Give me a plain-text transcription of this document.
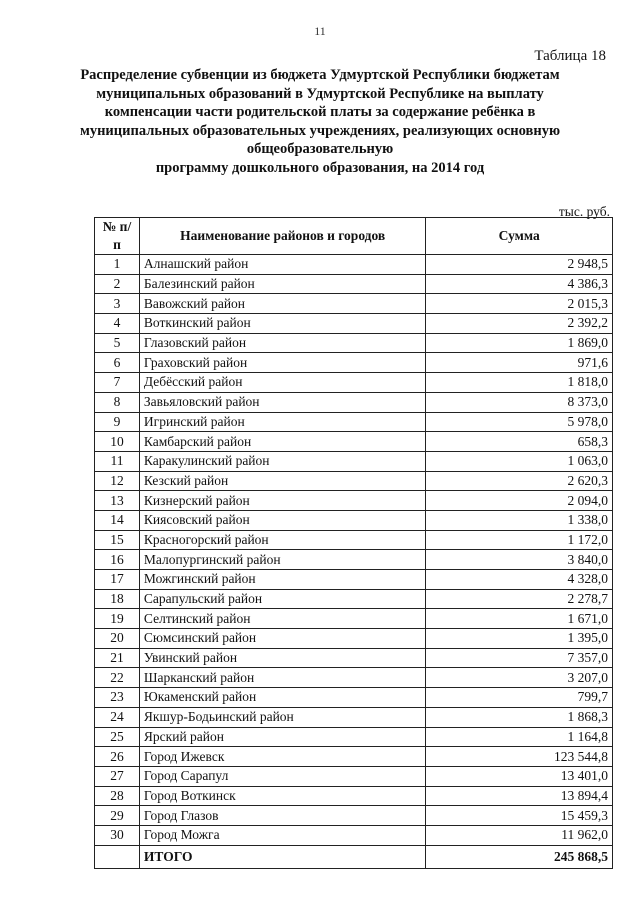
11
Таблица 18
Распределение субвенции из бюджета Удмуртской Республики бюджетам
муниципальных образований в Удмуртской Республике на выплату
компенсации части родительской платы за содержание ребёнка в
муниципальных образовательных учреждениях, реализующих основную
общеобразовательную
программу дошкольного образования, на 2014 год
тыс. руб.
№ п/п	Наименование районов и городов	Сумма
1	Алнашский район	2 948,5
2	Балезинский район	4 386,3
3	Вавожский район	2 015,3
4	Воткинский район	2 392,2
5	Глазовский район	1 869,0
6	Граховский район	971,6
7	Дебёсский район	1 818,0
8	Завьяловский район	8 373,0
9	Игринский район	5 978,0
10	Камбарский район	658,3
11	Каракулинский район	1 063,0
12	Кезский район	2 620,3
13	Кизнерский район	2 094,0
14	Киясовский район	1 338,0
15	Красногорский район	1 172,0
16	Малопургинский район	3 840,0
17	Можгинский район	4 328,0
18	Сарапульский район	2 278,7
19	Селтинский район	1 671,0
20	Сюмсинский район	1 395,0
21	Увинский район	7 357,0
22	Шарканский район	3 207,0
23	Юкаменский район	799,7
24	Якшур-Бодьинский район	1 868,3
25	Ярский район	1 164,8
26	Город Ижевск	123 544,8
27	Город Сарапул	13 401,0
28	Город Воткинск	13 894,4
29	Город Глазов	15 459,3
30	Город Можга	11 962,0
	ИТОГО	245 868,5
